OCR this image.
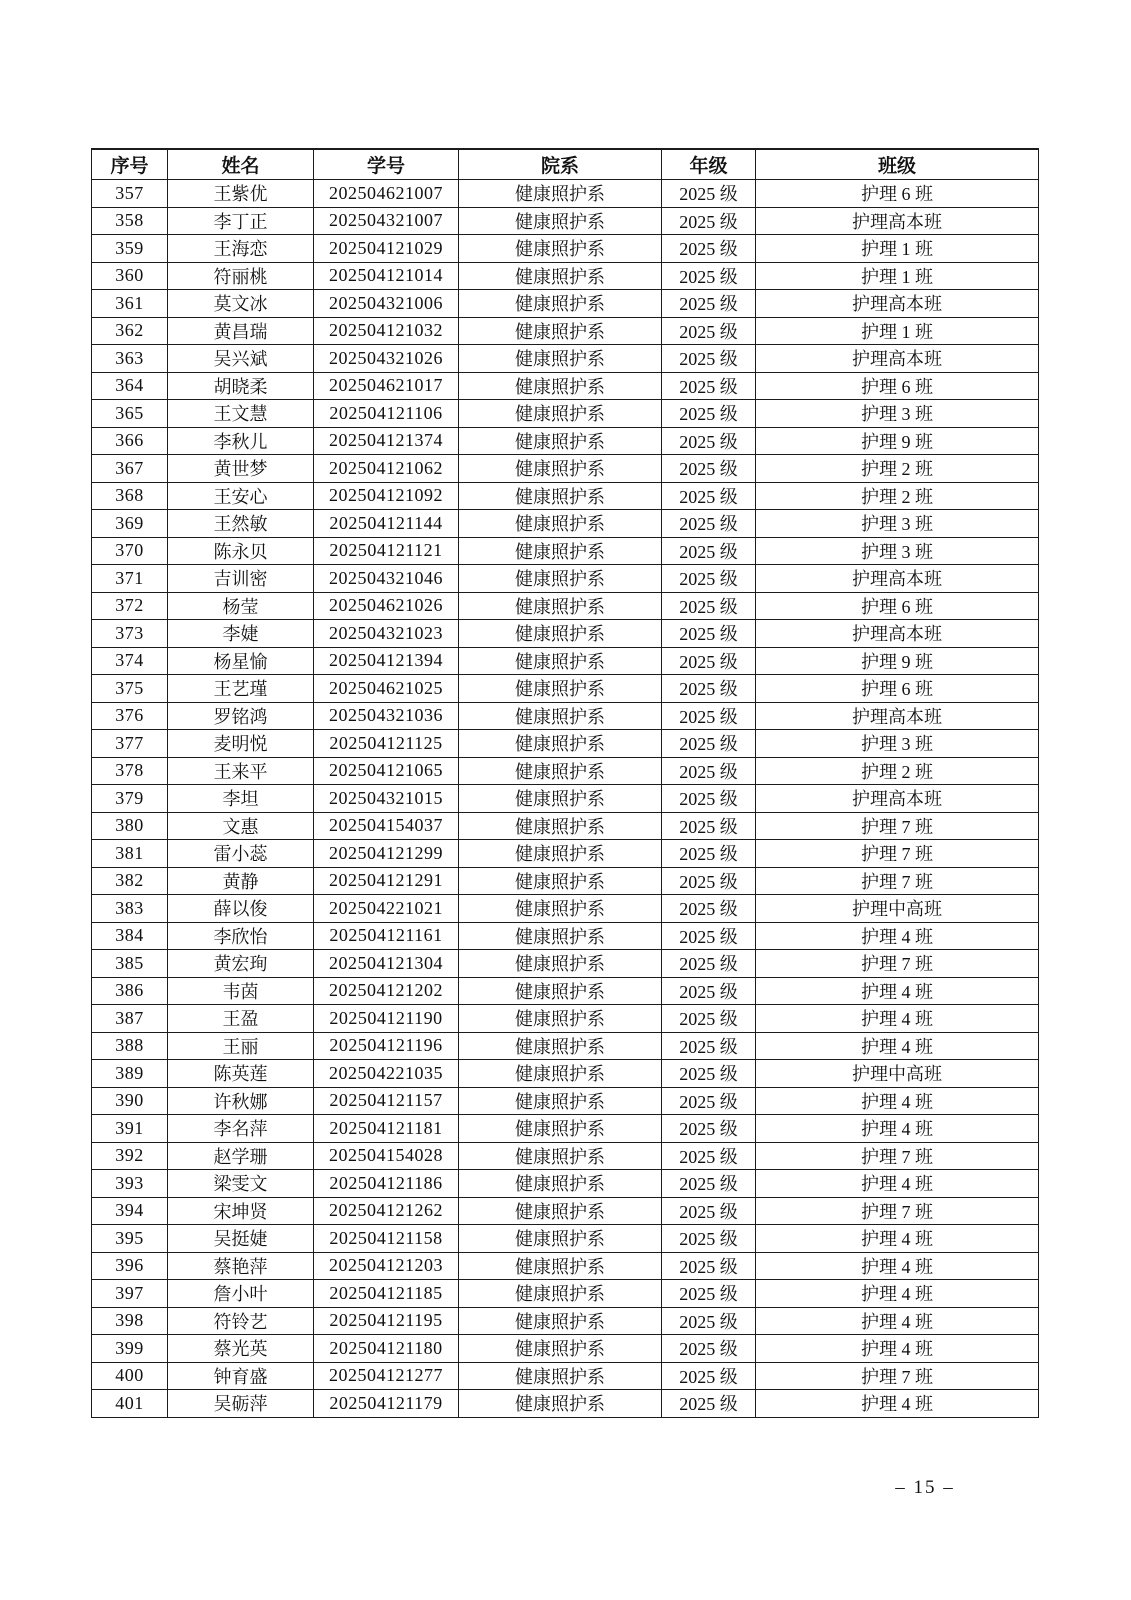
序号	姓名	学号	院系	年级	班级
357	王紫优	202504621007	健康照护系	2025 级	护理 6 班
358	李丁正	202504321007	健康照护系	2025 级	护理高本班
359	王海恋	202504121029	健康照护系	2025 级	护理 1 班
360	符丽桃	202504121014	健康照护系	2025 级	护理 1 班
361	莫文冰	202504321006	健康照护系	2025 级	护理高本班
362	黄昌瑞	202504121032	健康照护系	2025 级	护理 1 班
363	吴兴斌	202504321026	健康照护系	2025 级	护理高本班
364	胡晓柔	202504621017	健康照护系	2025 级	护理 6 班
365	王文慧	202504121106	健康照护系	2025 级	护理 3 班
366	李秋儿	202504121374	健康照护系	2025 级	护理 9 班
367	黄世梦	202504121062	健康照护系	2025 级	护理 2 班
368	王安心	202504121092	健康照护系	2025 级	护理 2 班
369	王然敏	202504121144	健康照护系	2025 级	护理 3 班
370	陈永贝	202504121121	健康照护系	2025 级	护理 3 班
371	吉训密	202504321046	健康照护系	2025 级	护理高本班
372	杨莹	202504621026	健康照护系	2025 级	护理 6 班
373	李婕	202504321023	健康照护系	2025 级	护理高本班
374	杨星愉	202504121394	健康照护系	2025 级	护理 9 班
375	王艺瑾	202504621025	健康照护系	2025 级	护理 6 班
376	罗铭鸿	202504321036	健康照护系	2025 级	护理高本班
377	麦明悦	202504121125	健康照护系	2025 级	护理 3 班
378	王来平	202504121065	健康照护系	2025 级	护理 2 班
379	李坦	202504321015	健康照护系	2025 级	护理高本班
380	文惠	202504154037	健康照护系	2025 级	护理 7 班
381	雷小蕊	202504121299	健康照护系	2025 级	护理 7 班
382	黄静	202504121291	健康照护系	2025 级	护理 7 班
383	薛以俊	202504221021	健康照护系	2025 级	护理中高班
384	李欣怡	202504121161	健康照护系	2025 级	护理 4 班
385	黄宏珣	202504121304	健康照护系	2025 级	护理 7 班
386	韦茵	202504121202	健康照护系	2025 级	护理 4 班
387	王盈	202504121190	健康照护系	2025 级	护理 4 班
388	王丽	202504121196	健康照护系	2025 级	护理 4 班
389	陈英莲	202504221035	健康照护系	2025 级	护理中高班
390	许秋娜	202504121157	健康照护系	2025 级	护理 4 班
391	李名萍	202504121181	健康照护系	2025 级	护理 4 班
392	赵学珊	202504154028	健康照护系	2025 级	护理 7 班
393	梁雯文	202504121186	健康照护系	2025 级	护理 4 班
394	宋坤贤	202504121262	健康照护系	2025 级	护理 7 班
395	吴挺婕	202504121158	健康照护系	2025 级	护理 4 班
396	蔡艳萍	202504121203	健康照护系	2025 级	护理 4 班
397	詹小叶	202504121185	健康照护系	2025 级	护理 4 班
398	符铃艺	202504121195	健康照护系	2025 级	护理 4 班
399	蔡光英	202504121180	健康照护系	2025 级	护理 4 班
400	钟育盛	202504121277	健康照护系	2025 级	护理 7 班
401	吴砺萍	202504121179	健康照护系	2025 级	护理 4 班
– 15 –
